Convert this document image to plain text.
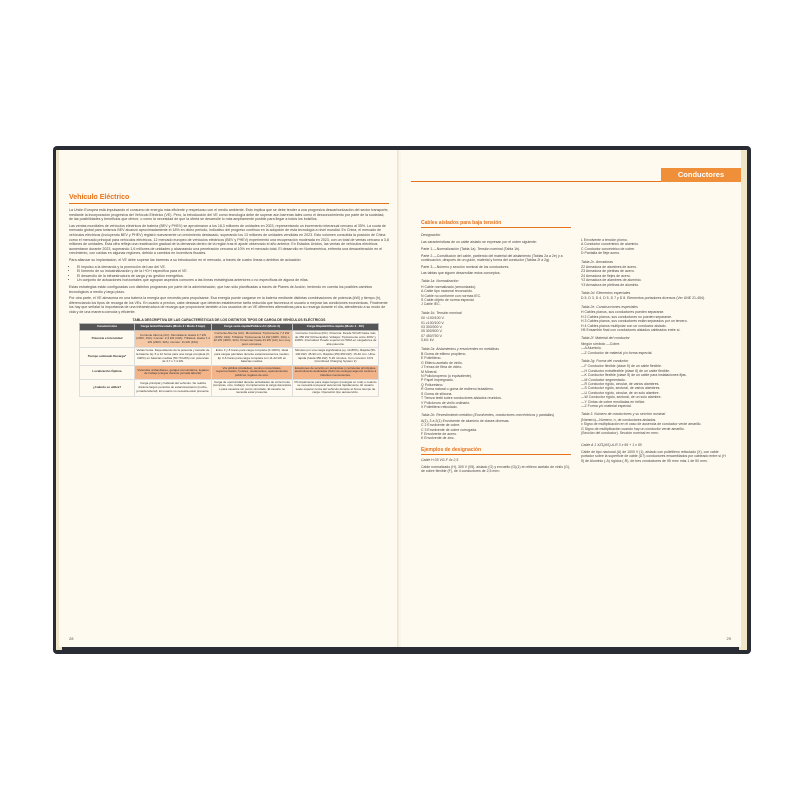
Vehículo Eléctrico

La Unión Europea está impulsando el consumo de energía más eficiente y respetuoso con el medio ambiente. Esto implica que se debe tender a una progresiva descarbonización del sector transporte, mediante la incorporación progresiva del Vehículo Eléctrico (VE). Pero, la introducción del VE como tecnología debe de superar aún barreras tales como el desconocimiento por parte de la sociedad, de las posibilidades y beneficios que ofrece, o como la necesidad de que la oferta se desarrolle lo más ampliamente posible para llegar a todos los bolsillos.

Las ventas mundiales de vehículos eléctricos de batería (BEV y PHEV) se aproximaron a los 18,3 millones de unidades en 2023, representando un incremento interanual cercano al 35%. La cuota de mercado global para turismos BEV alcanzó aproximadamente el 18% en dicho periodo, indicativo del progreso continuo en la adopción de esta tecnología a nivel mundial. En China, el mercado de vehículos eléctricos (incluyendo BEV y PHEV) registró nuevamente un crecimiento destacado, superando los 13 millones de unidades vendidas en 2023. Esto volumen consolida la posición de China como el mercado principal para vehículos eléctricos, 12 mercado europeo de vehículos eléctricos (BEV y PHEV) experimentó una recuperación moderada en 2023, con un total de ventas cercano a 3,8 millones de unidades. Esta cifra refleja una reactivación gradual de la demanda dentro de la región tras el ajuste observado el año anterior. En Estados Unidos, las ventas de vehículos eléctricos aumentaron durante 2023, superando 1,6 millones de unidades y alcanzando una penetración cercana al 10% en el mercado total. El desarrollo en Norteamérica, enfrenta una desaceleración en el crecimiento, con caídas en algunas regiones, debido a cambios en incentivos fiscales.

Para afianzar su implantación, el VE debe superar las barreras a su introducción en el mercado, a través de cuatro líneas o ámbitos de actuación:

• El impulso a la demanda y la promoción del uso del VE.
• El fomento de su industrialización y de la I+D+i específica para el VE.
• El desarrollo de la infraestructura de carga y su gestión energética.
• Un conjunto de actuaciones horizontales que agrupan aspectos comunes a las líneas estratégicas anteriores o no específicas de alguna de ellas.

Estas estrategias están configuradas con distintos programas por parte de la administración, que han sido planificadas a través de Planes de Acción, teniendo en cuenta los posibles cambios tecnológicos a medio y largo plazo.

Por otra parte, el VE almacena en una batería la energía que necesita para propulsarse. Esa energía puede cargarse en la batería mediante distintas combinaciones de potencia (kW) y tiempo (h), diferenciando los tipos de recarga de los VEs. En cuanto a precios, cabe destacar que deberán establecerse tarifa reducida que favorezca el usuario a mejorar las condiciones económicas. Finalmente los hay que señalar la importancia de una infraestructura de recarga que proporcione también a los usuarios de un VE diferentes alternativas para su recarga durante el día, atendiendo a su modo de vida y de una manera cómoda y eficiente.

TABLA DESCRIPTIVA DE LAS CARACTERÍSTICAS DE LOS DISTINTOS TIPOS DE CARGA DE VEHÍCULOS ELÉCTRICOS
Característica	Carga lenta/Vinculada (Modo 2 / Modo 3 bajo)	Carga semi-rápida/Pública AC (Modo 3)	Carga Rápida/Ultra-rápida (Modo 4 - DC)
Potencia e Intensidad	Corriente Alterna (AC). Monofásica: Hasta 3,7 kW (230V, 16A). Común: 2,3 kW (10A). Trifásica: Hasta 7,4 kW (230V, 32A). Común: 11 kW (16A)	Corriente Alterna (AC). Monofásica: Típicamente 7,4 kW (230V, 32A). Trifásica: Típicamente 11 kW (400V, 16A) o 22 kW (400V, 32A). Potencias hasta 43 kW (AC) son muy poco comunes.	Corriente Continua (DC). Potencia: Desde 50 kW hasta más de 350 kW (Ultra-rápida). Voltajes: Típicamente entre 400V y 1000V. Intensidad: Puede superar los 500A en cargadores de alta potencia.
Tiempo estimado Recarga*	Varias horas. Dependiendo de la potencia y tamaño de la batería. Ej: 6 a 12 horas para una carga completa (0-100%) en baterías medias (50-70 kWh) con potencias de 3,7 o 7,4 kW.	Entre 3 y 8 horas para carga completa (0-100%). Ideal para cargas parciales durante estacionamientos medios. Ej: 3-6 horas para carga completa con 11-22 kW en baterías medias.	Minutos por una carga significativa (ej. 10-80%). Rápida (50-100 kW): 45-90 min. Rápida (150-350 kW): 15-40 min. Ultra-rápida (hasta 350 kW): 5-20 minutos. Con conector CCS (Combined Charging System 2)
Localización Óptima	Viviendas unifamiliares, garajes comunitarios, lugares de trabajo (cargas durante jornada laboral).	Vía pública (ciudades), centros comerciales, supermercados, hoteles, restaurantes, aparcamientos públicos, lugares de ocio.	Estaciones de servicio en autopistas y carreteras principales, electrolineras dedicadas (hubs de recarga) algunos centros a tránsitos convenientes.
¿Cuándo se utiliza?	Carga principal y habitual del vehículo. Se realiza durante largos periodos de estacionamiento (noche, jornada laboral). El usuario no necesita estar presente.	Carga de oportunidad durante actividades de corta horas (compras, ocio, trabajo). Complementa la carga doméstica o para usuarios sin punto vinculado. El usuario no necesita estar presente.	Principalmente para viajes largos (recargas en ruta) o cuando se necesita recuperar autonomía rápidamente. El usuario suele esperar cerca del vehículo durante el breve tiempo de carga. Operación tipo autoservicio.
28
Conductores

Cables aislados para baja tensión

Designación

Las características de un cable aislado se expresan por el orden siguiente:

Parte 1.—Normalización (Tabla 1a). Tensión nominal (Tabla 1b).

Parte 2.—Constitución del cable, partiendo del material del aislamiento (Tablas 2a a 2e) y a continuación, después de un guión, material y forma del conductor (Tablas 2f a 2g).

Parte 3.—Número y sección nominal de los conductores.

Las tablas que siguen desarrollan estos conceptos.

Tabla 1a. Normalización

H Cable normalizado (armonizado).
A Cable tipo nacional reconocido.
N Cable no conforme con normas IEC.
S Cable objeto de norma especial.
J Cable IEC.

Tabla 1b. Tensión nominal

00 <100/100 V.
01 ≥100/100 V.
03 300/300 V.
05 300/500 V.
07 450/750 V.
0,6/1 kV.

Tabla 2a. Aislamientos y envolventes no metálicas

B Goma de etileno propileno.
E Polietileno.
G Etileno-acetato de vinilo.
J Trenza de fibra de vidrio.
M Mineral.
N Policloropreno (o equivalente).
P Papel impregnado.
Q Poliuretano.
R Goma natural o goma de estireno butadieno.
S Goma de silicona.
T Trenza textil sobre conductores aislados reunidos.
V Policloruro de vinilo ordinario.
X Polietileno reticulado.

Tabla 2b. Revestimiento metálico (Envolventes, conductores concéntricos y pantallas)

A(1), 3 a 2(1) Envolvente de aluminio de clases diversas.
C 2 Envolvente de cobre.
C 3 Envolvente de cobre corrugada.
F Envolvente de acero.
K Envolvente de zinc.

Ejemplos de designación

Cable H 05 VG-F 4x 2,5

Cable normalizado (H), 300 V (05), aislado (G) y envuelto (G)(1) en etileno acetato de vinilo (G), de cobre flexible (F), de 4 conductores de 2,5 mm².

L Envolvente a tención plomo.
A Conductor concéntrico de aluminio.
C Conductor concéntrico de cobre.
D Pantalla de fleje acero.

Tabla 2c. Armaduras

Z2 Armadura de alambres de acero.
Z3 Armadura de pletinas de acero.
Z4 Armadura de flejes de acero.
Y2 Armadura de alambres de aluminio.
Y3 Armadura de pletinas de aluminio.

Tabla 2d. Elementos especiales

D 5, D 3, D 4, D 5, D 7 y D 8. Elementos portadores diversos (Ver UNE 21-454).

Tabla 2e. Construcciones especiales

H Cables planos, sus conductores pueden separarse.
H 2 Cables planos, sus conductores no pueden separarse.
H 3 Cables planos, sus conductores están separados por un tercero.
H 4 Cables planos multipolar con un conductor aislado.
H5 Ensamble final con conductores aislados cableados entre sí.

Tabla 2f. Material del conductor

Ningún símbolo —Cobre.
—A Aluminio.
—Z Conductor de material y/o forma especial.

Tabla 2g. Forma del conductor

—F Conductor flexible (clase 5) de un cable flexible.
—H Conductor extraflexible (clase 6) de un cable flexible.
—K Conductor flexible (clase 5) de un cable para instalaciones fijas.
—M Conductor segmentado.
—R Conductor rígido, circular, de varios alambres.
—S Conductor rígido, sectoral, de varios alambres.
—U Conductor rígido, circular, de un solo alambre.
—W Conductor rígido, sectoral, de un solo alambre.
—Y Cintas de cobre enrolladas en hélice.
—Z Forma y/o material especial.

Tabla 3. Número de conductores y su sección nominal

(Número)—Número, n, de conductores aislados.
x Signo de multiplicación en el caso de ausencia de conductor verde amarillo.
G Signo de multiplicación cuando hay un conductor verde amarillo.
(Sección del conductor). Sección nominal en mm².

Cable A 1 XZ1(AS)-A-R 3 x 95 + 1 x 50

Cable de tipo nacional (A) de 1000 V (1), aislado con polietileno reticulado (X), con cable portador sobre la superficie de cable (D7) conductores ensamblados por cableado entre sí (H 5) de Aluminio (-A) rígidos (-R), de tres conductores de 95 mm² más 1 de 50 mm².

29
